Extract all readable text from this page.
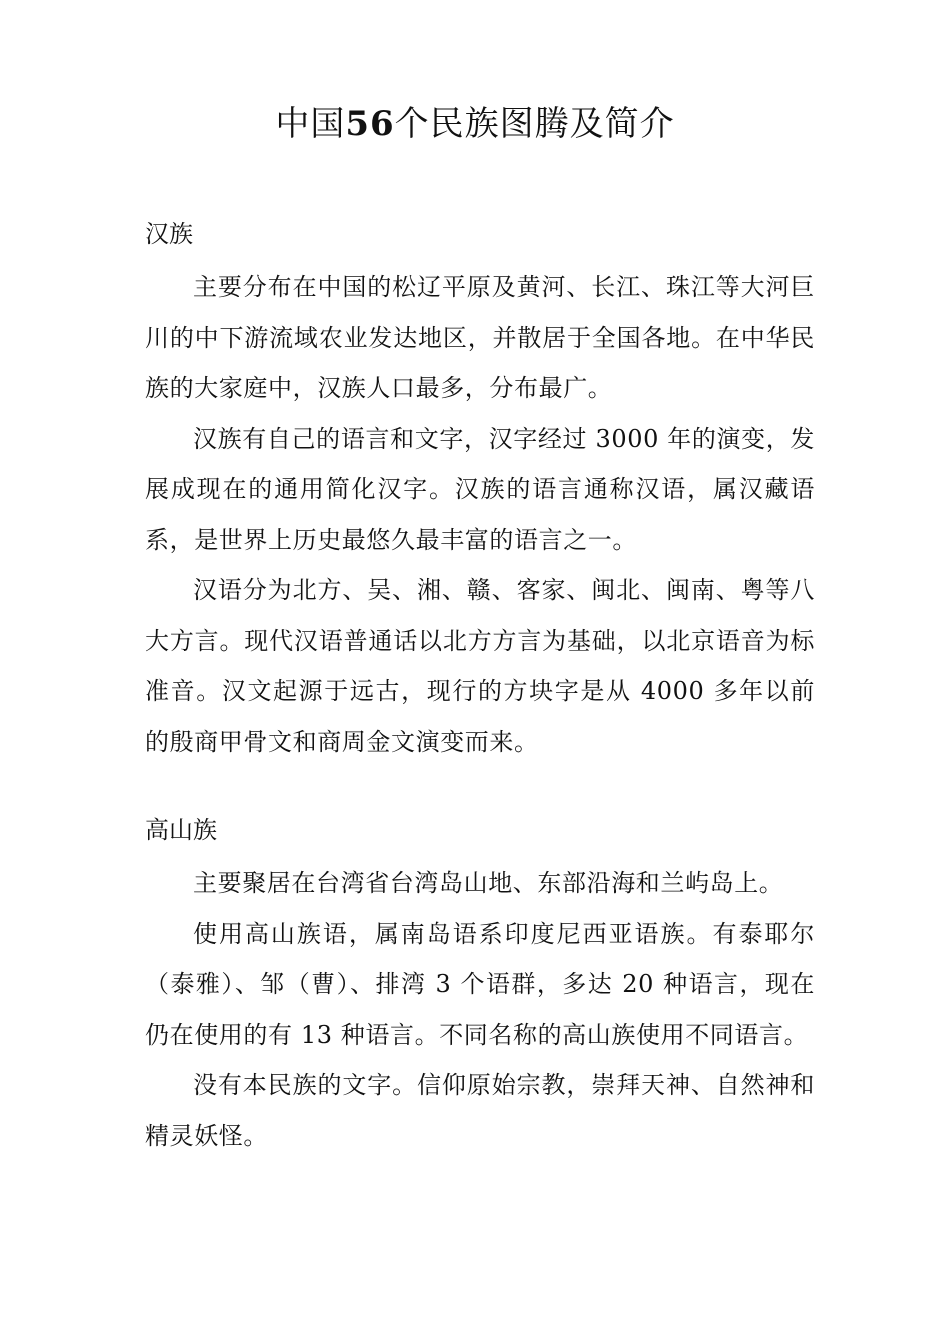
中国56个民族图腾及简介
汉族

主要分布在中国的松辽平原及黄河、长江、珠江等大河巨川的中下游流域农业发达地区，并散居于全国各地。在中华民族的大家庭中，汉族人口最多，分布最广。

汉族有自己的语言和文字，汉字经过 3000 年的演变，发展成现在的通用简化汉字。汉族的语言通称汉语，属汉藏语系，是世界上历史最悠久最丰富的语言之一。

汉语分为北方、吴、湘、赣、客家、闽北、闽南、粤等八大方言。现代汉语普通话以北方方言为基础，以北京语音为标准音。汉文起源于远古，现行的方块字是从 4000 多年以前的殷商甲骨文和商周金文演变而来。

高山族

主要聚居在台湾省台湾岛山地、东部沿海和兰屿岛上。

使用高山族语，属南岛语系印度尼西亚语族。有泰耶尔（泰雅）、邹（曹）、排湾 3 个语群，多达 20 种语言，现在仍在使用的有 13 种语言。不同名称的高山族使用不同语言。

没有本民族的文字。信仰原始宗教，崇拜天神、自然神和精灵妖怪。
